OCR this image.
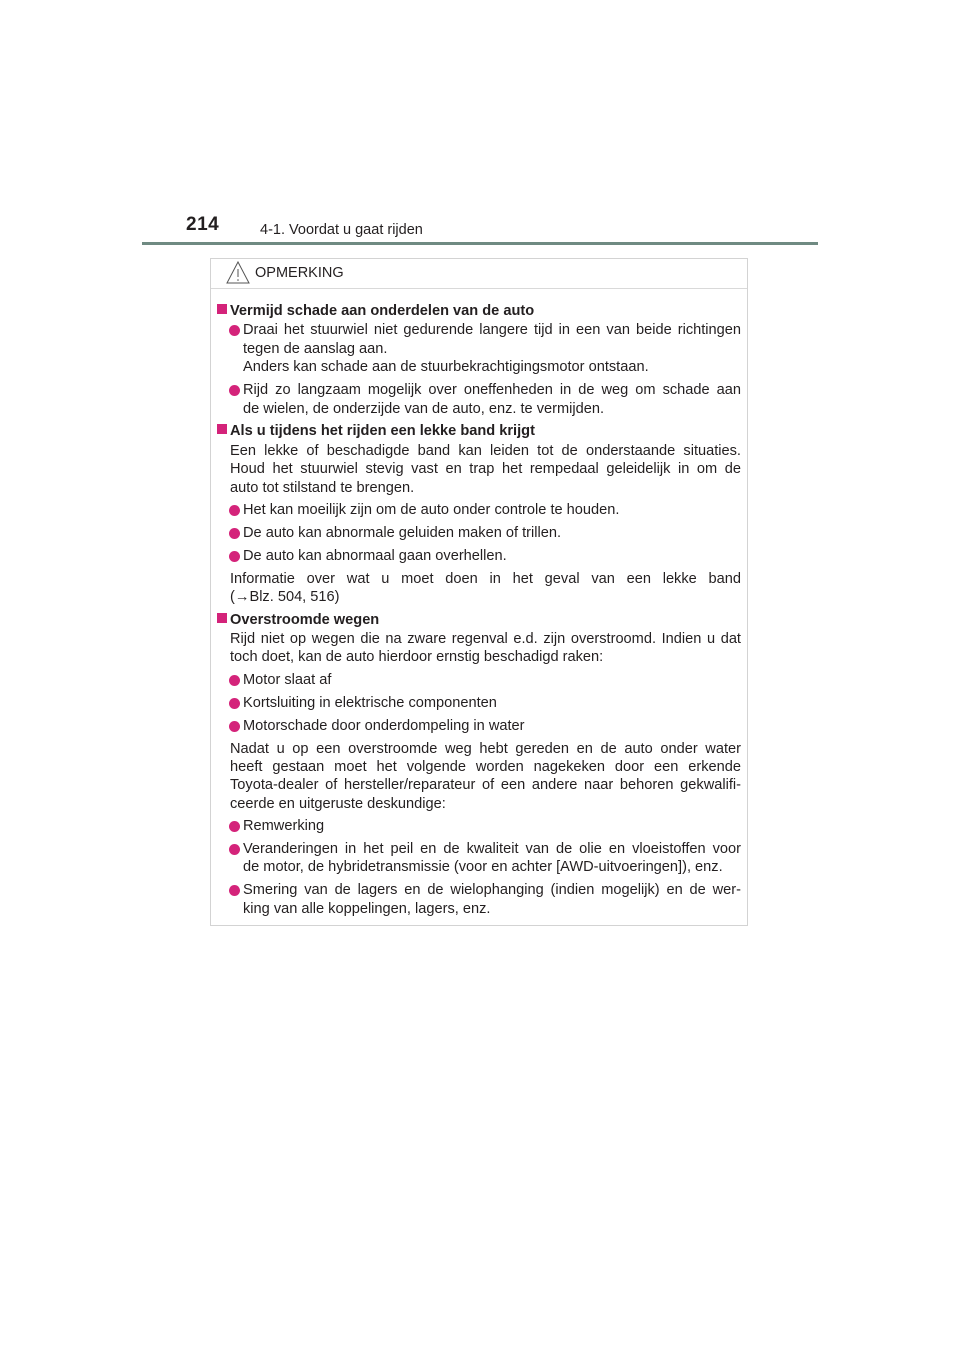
214	4-1. Voordat u gaat rijden
OPMERKING
Vermijd schade aan onderdelen van de auto
Draai het stuurwiel niet gedurende langere tijd in een van beide richtingen
tegen de aanslag aan.
Anders kan schade aan de stuurbekrachtigingsmotor ontstaan.
Rijd zo langzaam mogelijk over oneffenheden in de weg om schade aan
de wielen, de onderzijde van de auto, enz. te vermijden.
Als u tijdens het rijden een lekke band krijgt
Een lekke of beschadigde band kan leiden tot de onderstaande situaties.
Houd het stuurwiel stevig vast en trap het rempedaal geleidelijk in om de
auto tot stilstand te brengen.
Het kan moeilijk zijn om de auto onder controle te houden.
De auto kan abnormale geluiden maken of trillen.
De auto kan abnormaal gaan overhellen.
Informatie over wat u moet doen in het geval van een lekke band
(→Blz. 504, 516)
Overstroomde wegen
Rijd niet op wegen die na zware regenval e.d. zijn overstroomd. Indien u dat
toch doet, kan de auto hierdoor ernstig beschadigd raken:
Motor slaat af
Kortsluiting in elektrische componenten
Motorschade door onderdompeling in water
Nadat u op een overstroomde weg hebt gereden en de auto onder water
heeft gestaan moet het volgende worden nagekeken door een erkende
Toyota-dealer of hersteller/reparateur of een andere naar behoren gekwalifi-
ceerde en uitgeruste deskundige:
Remwerking
Veranderingen in het peil en de kwaliteit van de olie en vloeistoffen voor
de motor, de hybridetransmissie (voor en achter [AWD-uitvoeringen]), enz.
Smering van de lagers en de wielophanging (indien mogelijk) en de wer-
king van alle koppelingen, lagers, enz.
